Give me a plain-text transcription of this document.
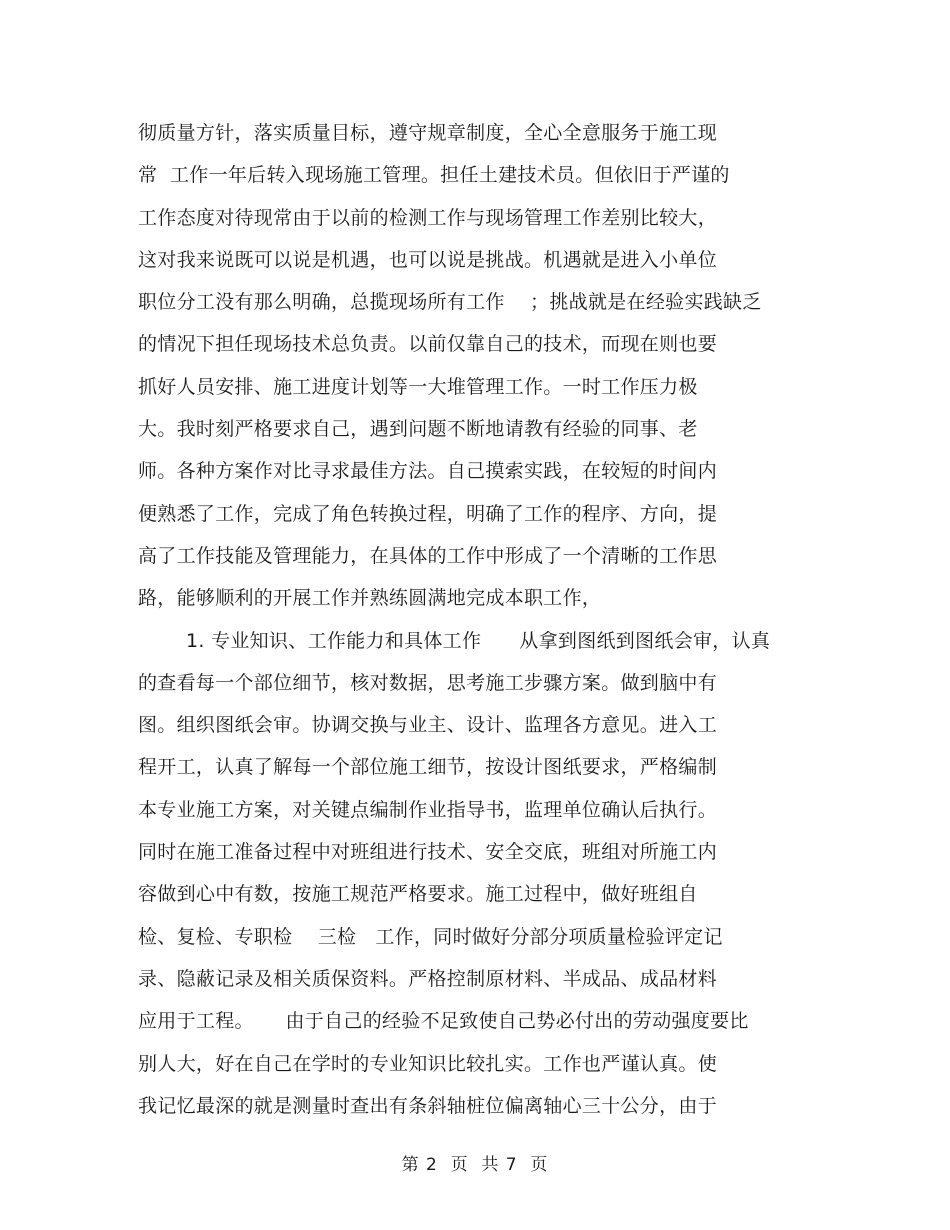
彻质量方针，落实质量目标，遵守规章制度，全心全意服务于施工现
常  工作一年后转入现场施工管理。担任土建技术员。但依旧于严谨的
工作态度对待现常由于以前的检测工作与现场管理工作差别比较大，
这对我来说既可以说是机遇，也可以说是挑战。机遇就是进入小单位
职位分工没有那么明确，总揽现场所有工作    ；挑战就是在经验实践缺乏
的情况下担任现场技术总负责。以前仅靠自己的技术，而现在则也要
抓好人员安排、施工进度计划等一大堆管理工作。一时工作压力极
大。我时刻严格要求自己，遇到问题不断地请教有经验的同事、老
师。各种方案作对比寻求最佳方法。自己摸索实践，在较短的时间内
便熟悉了工作，完成了角色转换过程，明确了工作的程序、方向，提
高了工作技能及管理能力，在具体的工作中形成了一个清晰的工作思
路，能够顺利的开展工作并熟练圆满地完成本职工作，
1. 专业知识、工作能力和具体工作      从拿到图纸到图纸会审，认真
的查看每一个部位细节，核对数据，思考施工步骤方案。做到脑中有
图。组织图纸会审。协调交换与业主、设计、监理各方意见。进入工
程开工，认真了解每一个部位施工细节，按设计图纸要求，严格编制
本专业施工方案，对关键点编制作业指导书，监理单位确认后执行。
同时在施工准备过程中对班组进行技术、安全交底，班组对所施工内
容做到心中有数，按施工规范严格要求。施工过程中，做好班组自
检、复检、专职检    三检   工作，同时做好分部分项质量检验评定记
录、隐蔽记录及相关质保资料。严格控制原材料、半成品、成品材料
应用于工程。     由于自己的经验不足致使自己势必付出的劳动强度要比
别人大，好在自己在学时的专业知识比较扎实。工作也严谨认真。使
我记忆最深的就是测量时查出有条斜轴桩位偏离轴心三十公分，由于
第 2  页  共 7  页
